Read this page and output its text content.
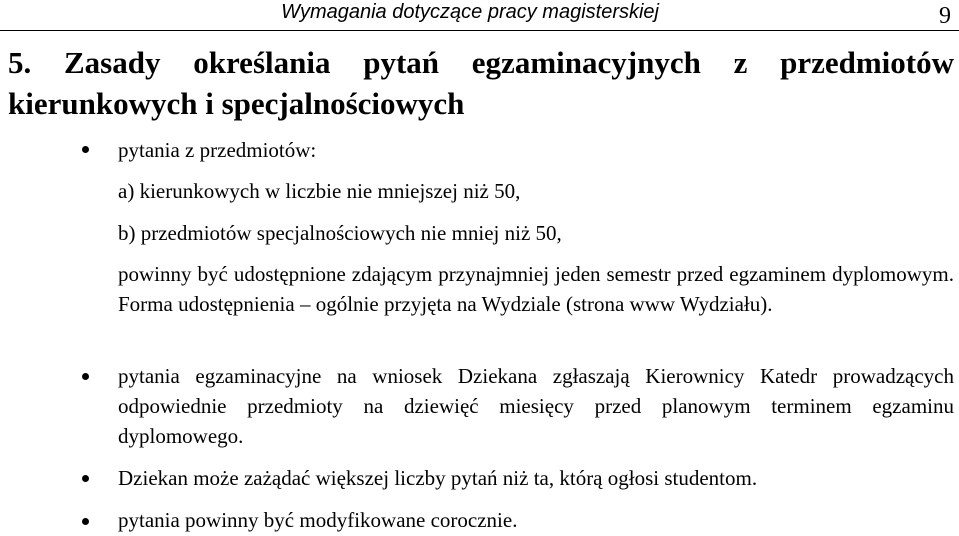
Wymagania dotyczące pracy magisterskiej	9
5. Zasady określania pytań egzaminacyjnych z przedmiotów kierunkowych i specjalnościowych
pytania z przedmiotów:
a) kierunkowych w liczbie nie mniejszej niż 50,
b) przedmiotów specjalnościowych nie mniej niż 50,

powinny być udostępnione zdającym przynajmniej jeden semestr przed egzaminem dyplomowym. Forma udostępnienia – ogólnie przyjęta na Wydziale (strona www Wydziału).

pytania egzaminacyjne na wniosek Dziekana zgłaszają Kierownicy Katedr prowadzących odpowiednie przedmioty na dziewięć miesięcy przed planowym terminem egzaminu dyplomowego.

Dziekan może zażądać większej liczby pytań niż ta, którą ogłosi studentom.
pytania powinny być modyfikowane corocznie.
